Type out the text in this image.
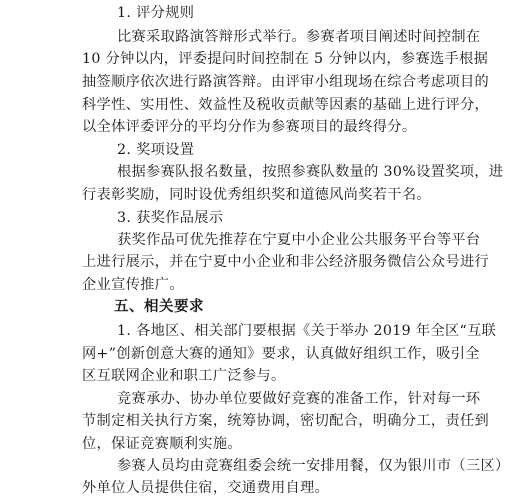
1. 评分规则
比赛采取路演答辩形式举行。参赛者项目阐述时间控制在
10 分钟以内，评委提问时间控制在 5 分钟以内，参赛选手根据
抽签顺序依次进行路演答辩。由评审小组现场在综合考虑项目的
科学性、实用性、效益性及税收贡献等因素的基础上进行评分，
以全体评委评分的平均分作为参赛项目的最终得分。
2. 奖项设置
根据参赛队报名数量，按照参赛队数量的 30%设置奖项，进
行表彰奖励，同时设优秀组织奖和道德风尚奖若干名。
3. 获奖作品展示
获奖作品可优先推荐在宁夏中小企业公共服务平台等平台
上进行展示，并在宁夏中小企业和非公经济服务微信公众号进行
企业宣传推广。
五、相关要求
1. 各地区、相关部门要根据《关于举办 2019 年全区“互联
网+”创新创意大赛的通知》要求，认真做好组织工作，吸引全
区互联网企业和职工广泛参与。
竞赛承办、协办单位要做好竞赛的准备工作，针对每一环
节制定相关执行方案，统筹协调，密切配合，明确分工，责任到
位，保证竞赛顺利实施。
参赛人员均由竞赛组委会统一安排用餐，仅为银川市（三区）
外单位人员提供住宿，交通费用自理。
